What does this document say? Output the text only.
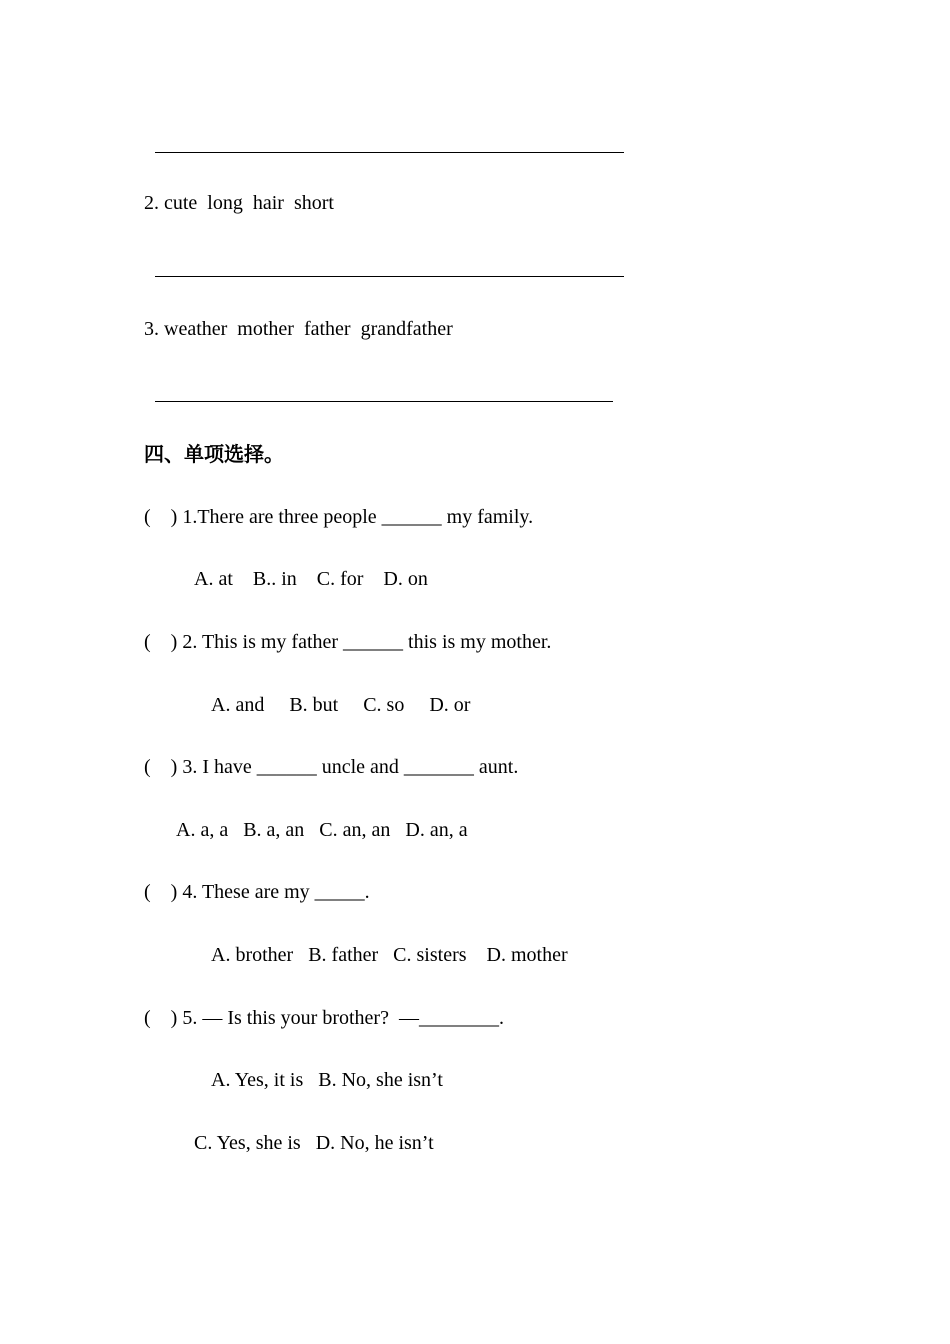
2. cute  long  hair  short
3. weather  mother  father  grandfather
四、单项选择。
(    ) 1.There are three people ______ my family.
A. at    B.. in    C. for    D. on
(    ) 2. This is my father ______ this is my mother.
A. and     B. but     C. so     D. or
(    ) 3. I have ______ uncle and _______ aunt.
A. a, a   B. a, an   C. an, an   D. an, a
(    ) 4. These are my _____.
A. brother   B. father   C. sisters    D. mother
(    ) 5. — Is this your brother?  —________.
A. Yes, it is   B. No, she isn’t
C. Yes, she is   D. No, he isn’t
